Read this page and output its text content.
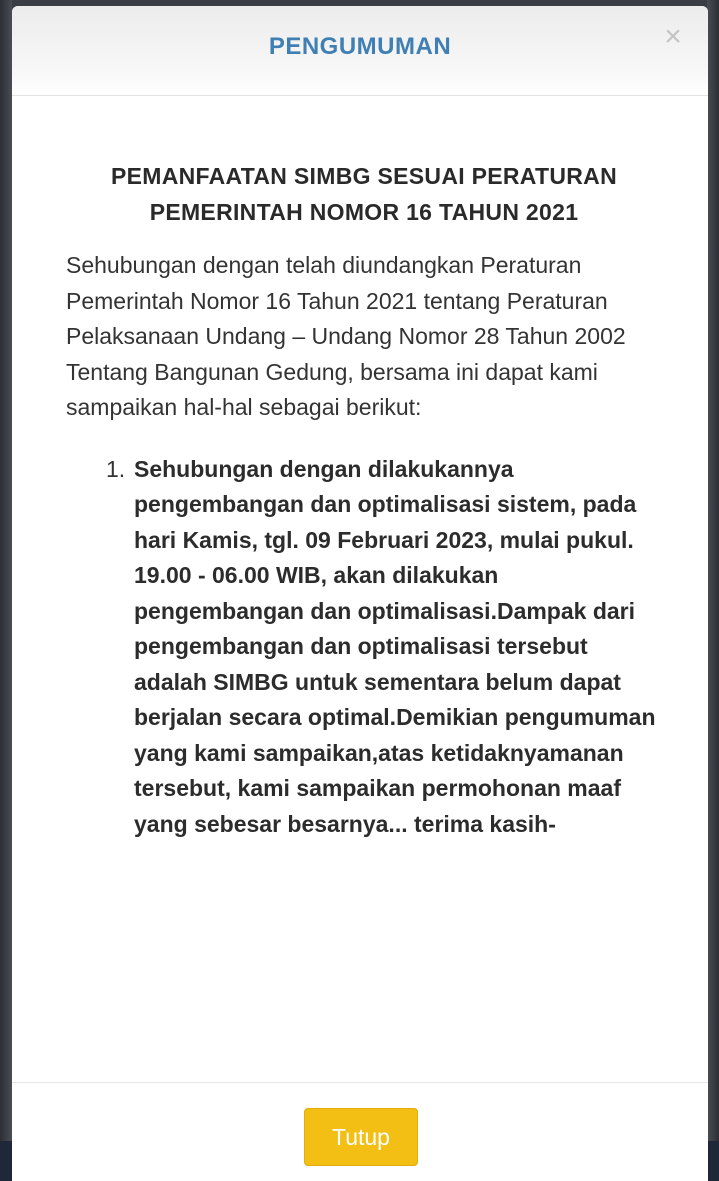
PENGUMUMAN	×
PEMANFAATAN SIMBG SESUAI PERATURAN
PEMERINTAH NOMOR 16 TAHUN 2021

Sehubungan dengan telah diundangkan Peraturan Pemerintah Nomor 16 Tahun 2021 tentang Peraturan Pelaksanaan Undang – Undang Nomor 28 Tahun 2002 Tentang Bangunan Gedung, bersama ini dapat kami sampaikan hal-hal sebagai berikut:

1. Sehubungan dengan dilakukannya pengembangan dan optimalisasi sistem, pada hari Kamis, tgl. 09 Februari 2023, mulai pukul. 19.00 - 06.00 WIB, akan dilakukan pengembangan dan optimalisasi.Dampak dari pengembangan dan optimalisasi tersebut adalah SIMBG untuk sementara belum dapat berjalan secara optimal.Demikian pengumuman yang kami sampaikan,atas ketidaknyamanan tersebut, kami sampaikan permohonan maaf yang sebesar besarnya... terima kasih-
Tutup
